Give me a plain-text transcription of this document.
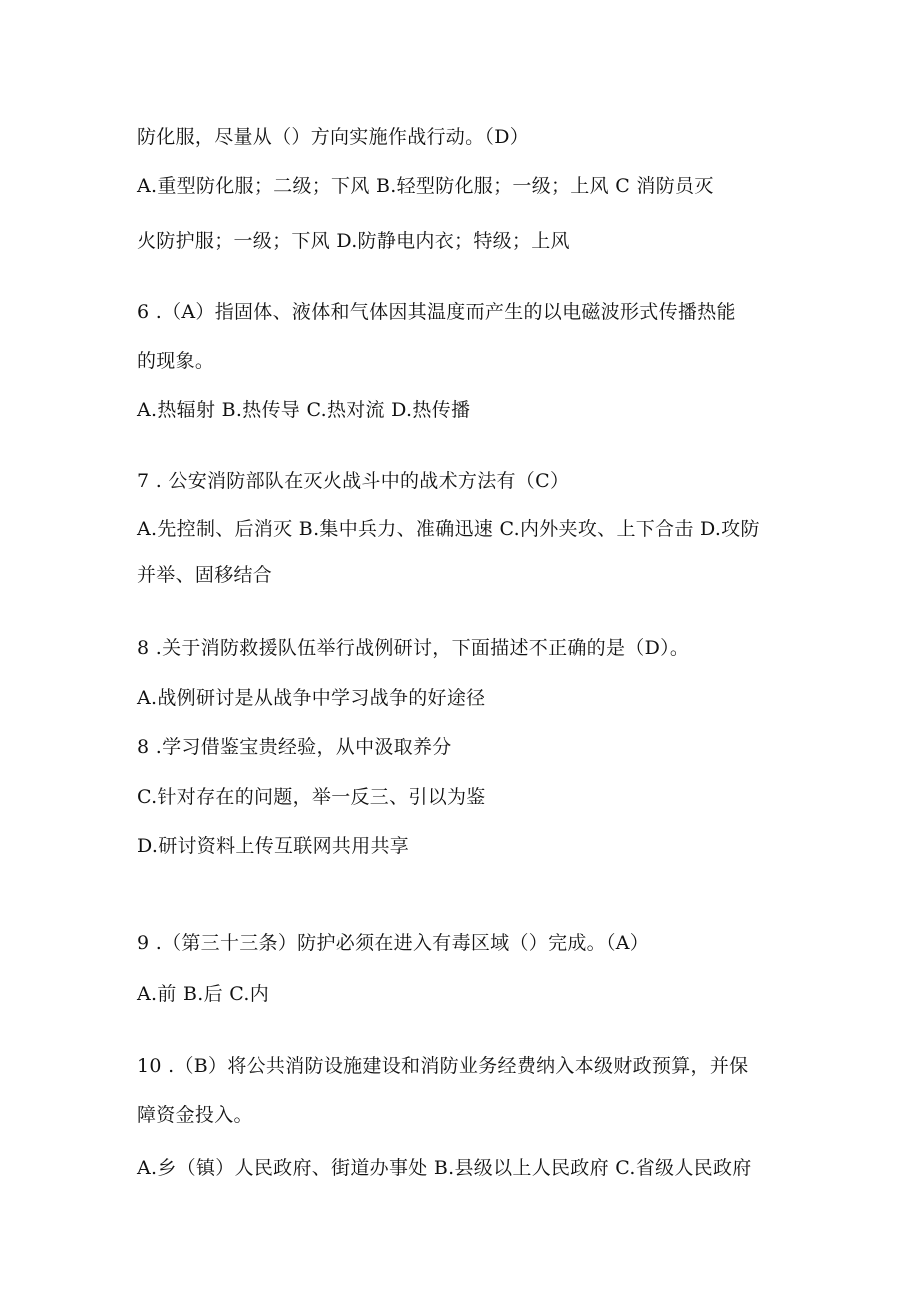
防化服，尽量从（）方向实施作战行动。（D）
A.重型防化服；二级；下风 B.轻型防化服；一级；上风 C 消防员灭
火防护服；一级；下风 D.防静电内衣；特级；上风
6 .（A）指固体、液体和气体因其温度而产生的以电磁波形式传播热能
的现象。
A.热辐射 B.热传导 C.热对流 D.热传播
7 . 公安消防部队在灭火战斗中的战术方法有（C）
A.先控制、后消灭 B.集中兵力、准确迅速 C.内外夹攻、上下合击 D.攻防
并举、固移结合
8 .关于消防救援队伍举行战例研讨，下面描述不正确的是（D）。
A.战例研讨是从战争中学习战争的好途径
8 .学习借鉴宝贵经验，从中汲取养分
C.针对存在的问题，举一反三、引以为鉴
D.研讨资料上传互联网共用共享
9 .（第三十三条）防护必须在进入有毒区域（）完成。（A）
A.前 B.后 C.内
10 .（B）将公共消防设施建设和消防业务经费纳入本级财政预算，并保
障资金投入。
A.乡（镇）人民政府、街道办事处 B.县级以上人民政府 C.省级人民政府
